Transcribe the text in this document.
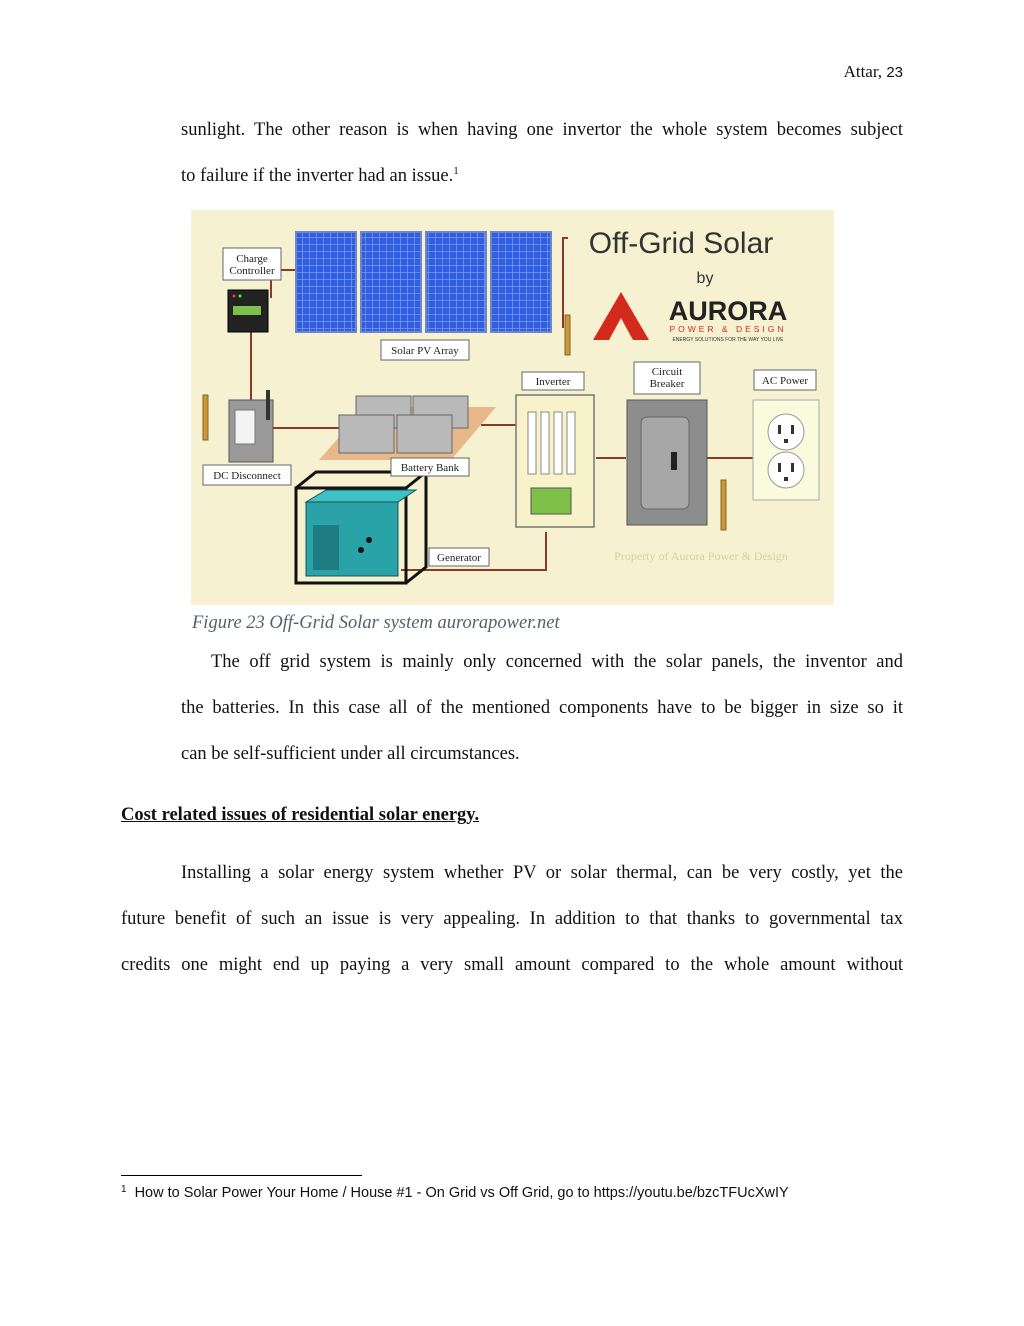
Attar, 23
sunlight. The other reason is when having one invertor the whole system becomes subject
to failure if the inverter had an issue.$^1$
Charge
Controller
Solar PV Array
Inverter
Circuit
Breaker	AC Power
DC Disconnect
Battery Bank
Generator
Off-Grid Solar
by
AURORA
POWER & DESIGN
ENERGY SOLUTIONS FOR THE WAY YOU LIVE
Property of Aurora Power & Design
Figure 23 Off-Grid Solar system aurorapower.net
The off grid system is mainly only concerned with the solar panels, the inventor and
the batteries. In this case all of the mentioned components have to be bigger in size so it
can be self-sufficient under all circumstances.
Cost related issues of residential solar energy.
Installing a solar energy system whether PV or solar thermal, can be very costly, yet the
future benefit of such an issue is very appealing. In addition to that thanks to governmental tax
credits one might end up paying a very small amount compared to the whole amount without
$^1$ How to Solar Power Your Home / House #1 - On Grid vs Off Grid, go to https://youtu.be/bzcTFUcXwIY
